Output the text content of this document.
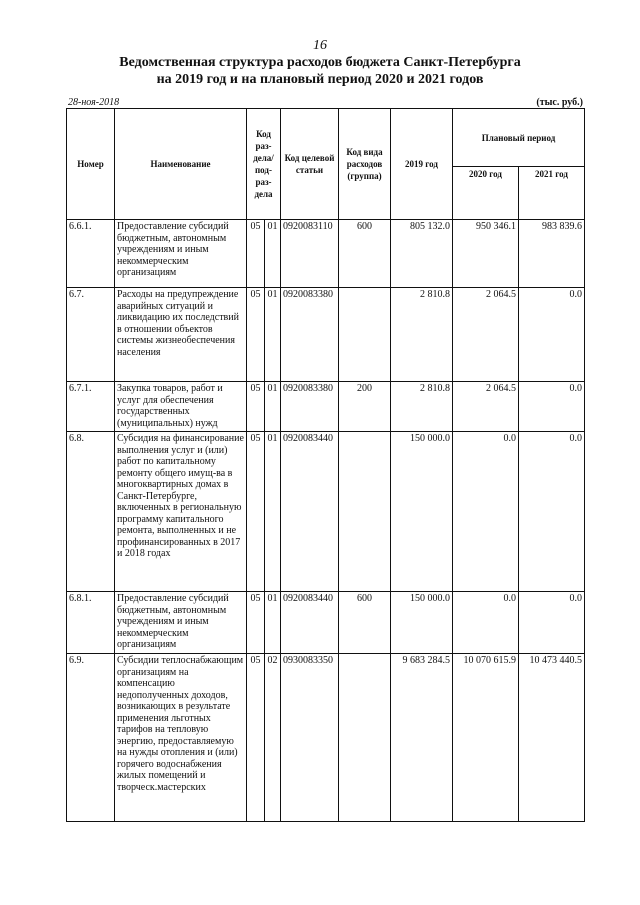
16
Ведомственная структура расходов бюджета Санкт-Петербурга
на 2019 год и на плановый период 2020 и 2021 годов
28-ноя-2018	(тыс. руб.)
Номер	Наименование	Код раз-дела/ под-раз-дела		Код целевой статьи	Код вида расходов (группа)	2019 год	Плановый период	
							2020 год	2021 год
6.6.1.	Предоставление субсидий бюджетным, автономным учреждениям и иным некоммерческим организациям	05	01	0920083110	600	805 132.0	950 346.1	983 839.6
6.7.	Расходы на предупреждение аварийных ситуаций и ликвидацию их последствий в отношении объектов системы жизнеобеспечения населения	05	01	0920083380		2 810.8	2 064.5	0.0
6.7.1.	Закупка товаров, работ и услуг для обеспечения государственных (муниципальных) нужд	05	01	0920083380	200	2 810.8	2 064.5	0.0
6.8.	Субсидия на финансирование выполнения услуг и (или) работ по капитальному ремонту общего имущ-ва в многоквартирных домах в Санкт-Петербурге, включенных в региональную программу капитального ремонта, выполненных и не профинансированных в 2017 и 2018 годах	05	01	0920083440		150 000.0	0.0	0.0
6.8.1.	Предоставление субсидий бюджетным, автономным учреждениям и иным некоммерческим организациям	05	01	0920083440	600	150 000.0	0.0	0.0
6.9.	Субсидии теплоснабжающим организациям на компенсацию недополученных доходов, возникающих в результате применения льготных тарифов на тепловую энергию, предоставляемую на нужды отопления и (или) горячего водоснабжения жилых помещений и творческ.мастерских	05	02	0930083350		9 683 284.5	10 070 615.9	10 473 440.5
